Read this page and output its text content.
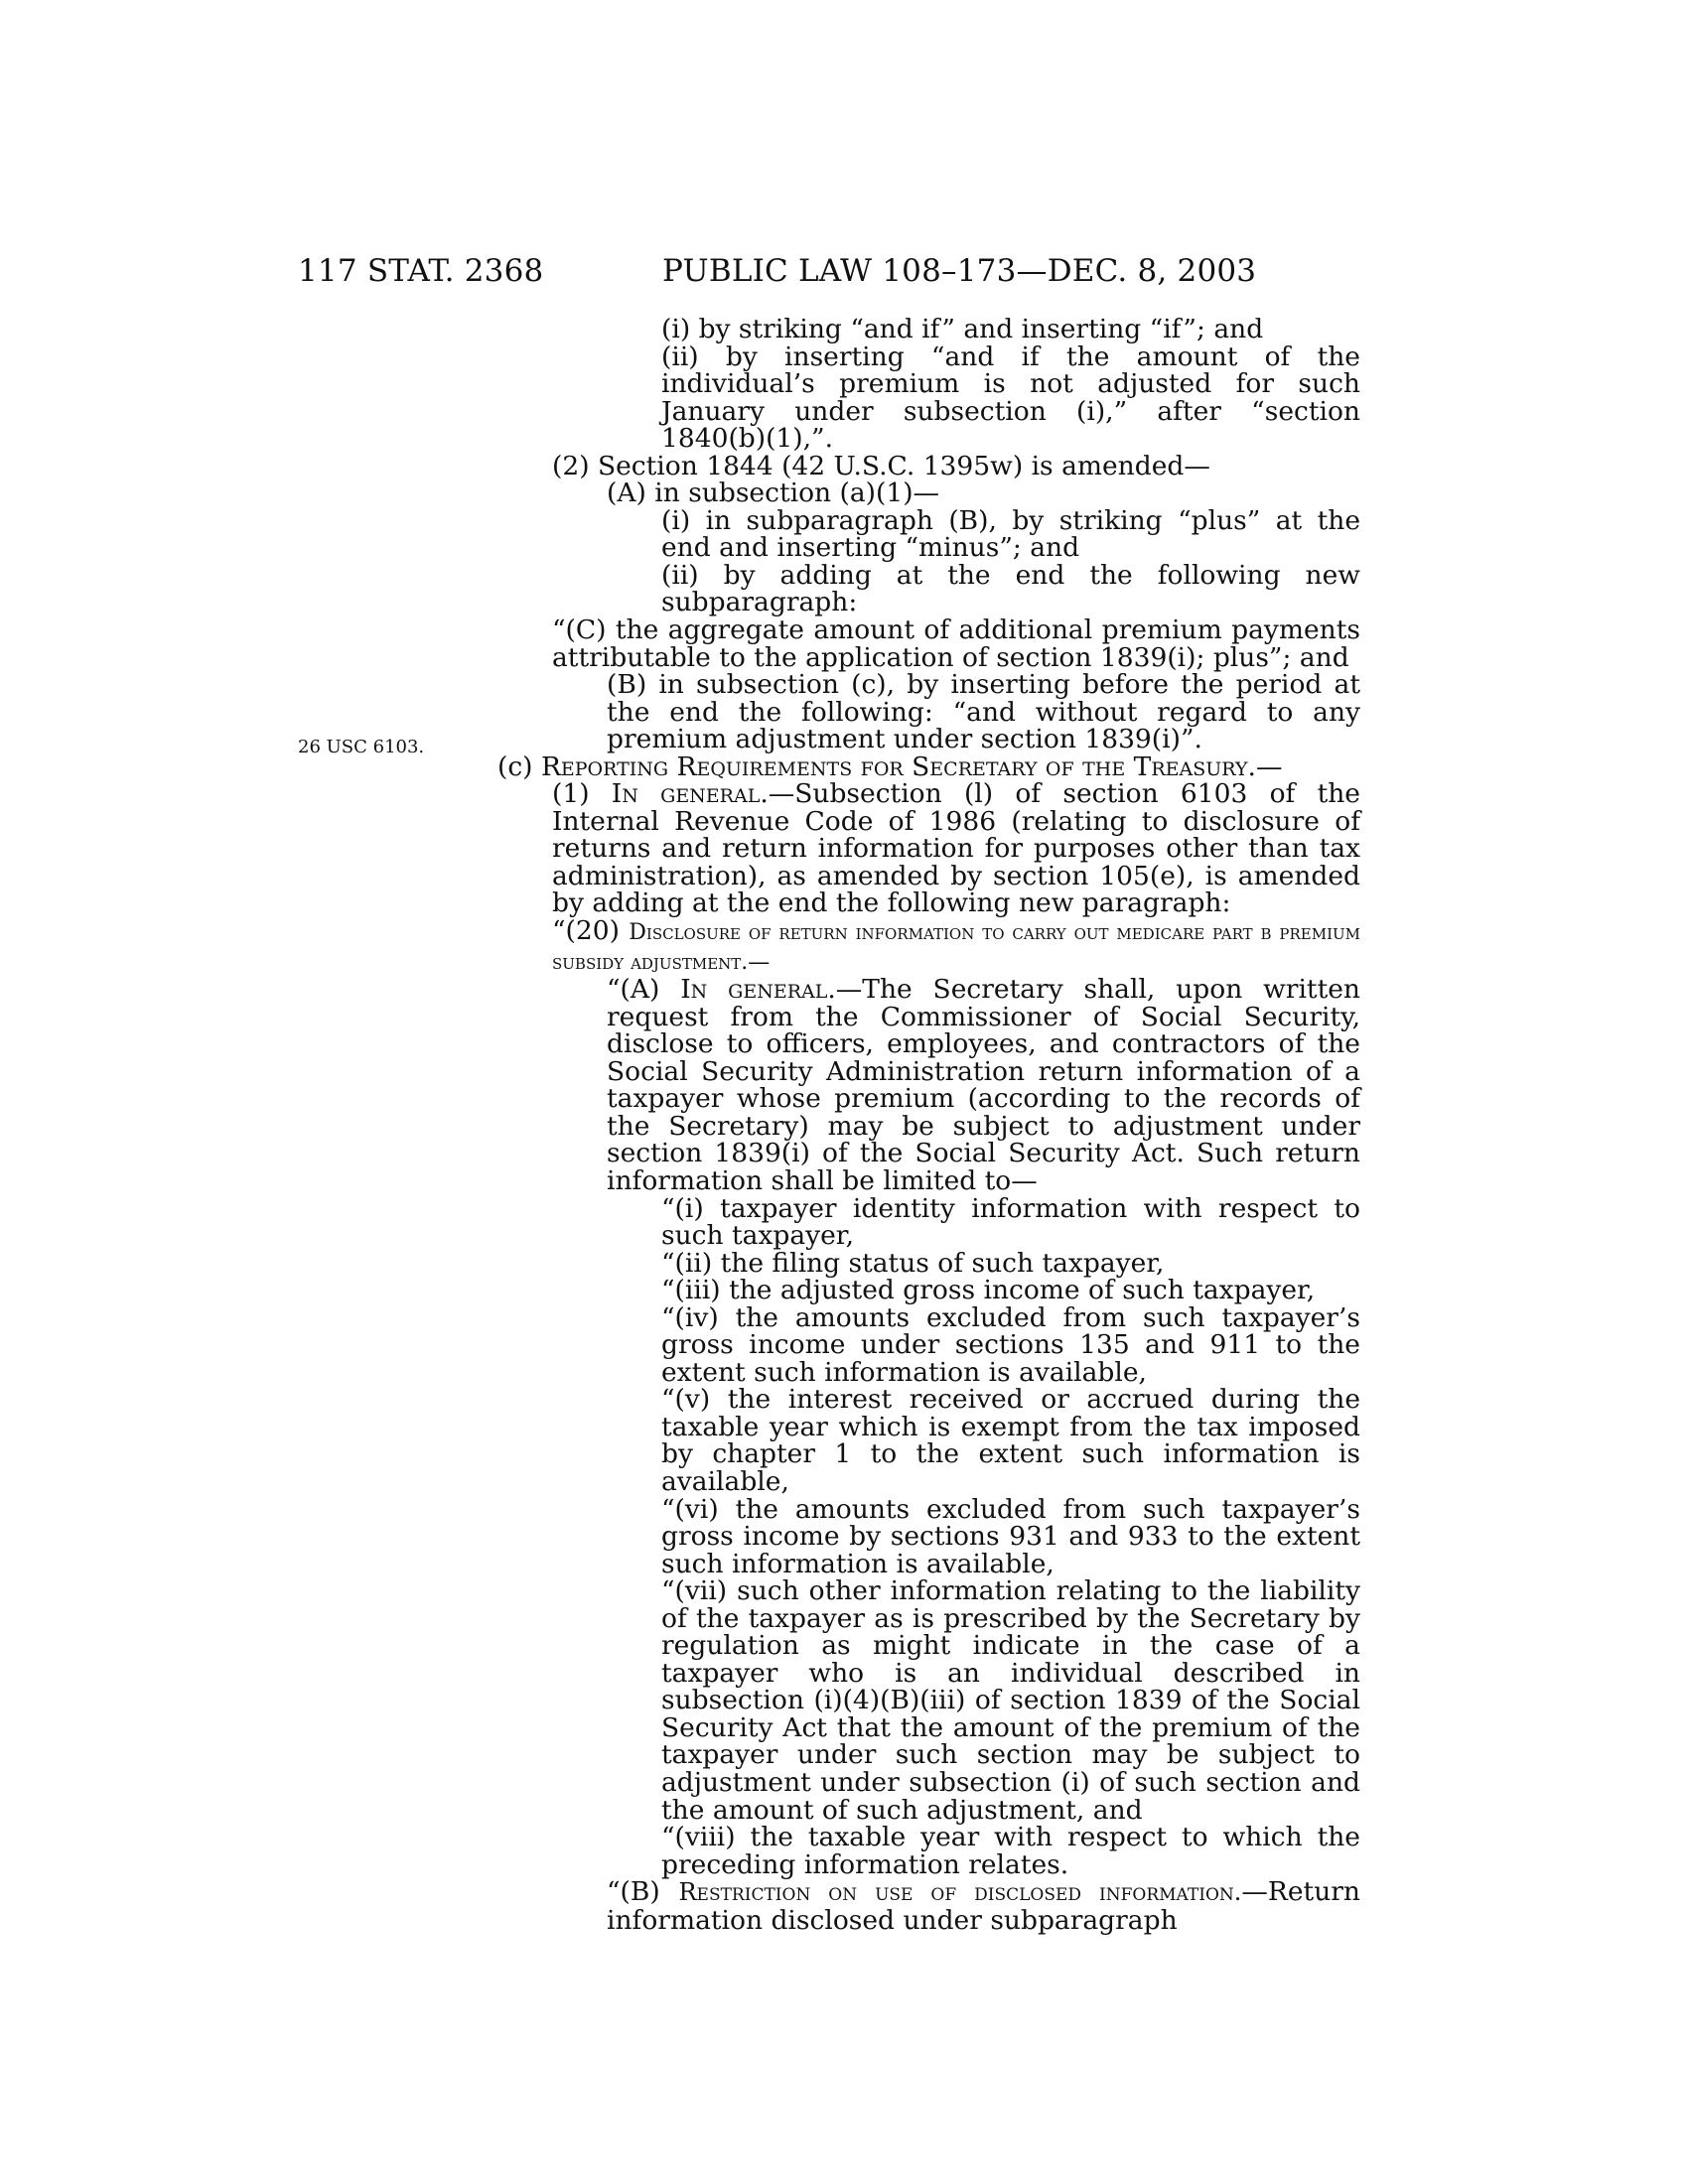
117 STAT. 2368	PUBLIC LAW 108–173—DEC. 8, 2003
26 USC 6103.
(i) by striking “and if” and inserting “if”; and
(ii) by inserting “and if the amount of the individual’s premium is not adjusted for such January under subsection (i),” after “section 1840(b)(1),”.
(2) Section 1844 (42 U.S.C. 1395w) is amended—
(A) in subsection (a)(1)—
(i) in subparagraph (B), by striking “plus” at the end and inserting “minus”; and
(ii) by adding at the end the following new subparagraph:
“(C) the aggregate amount of additional premium payments attributable to the application of section 1839(i); plus”; and
(B) in subsection (c), by inserting before the period at the end the following: “and without regard to any premium adjustment under section 1839(i)”.
(c) Reporting Requirements for Secretary of the Treasury.—
(1) In general.—Subsection (l) of section 6103 of the Internal Revenue Code of 1986 (relating to disclosure of returns and return information for purposes other than tax administration), as amended by section 105(e), is amended by adding at the end the following new paragraph:
“(20) Disclosure of return information to carry out medicare part b premium subsidy adjustment.—
“(A) In general.—The Secretary shall, upon written request from the Commissioner of Social Security, disclose to officers, employees, and contractors of the Social Security Administration return information of a taxpayer whose premium (according to the records of the Secretary) may be subject to adjustment under section 1839(i) of the Social Security Act. Such return information shall be limited to—
“(i) taxpayer identity information with respect to such taxpayer,
“(ii) the filing status of such taxpayer,
“(iii) the adjusted gross income of such taxpayer,
“(iv) the amounts excluded from such taxpayer’s gross income under sections 135 and 911 to the extent such information is available,
“(v) the interest received or accrued during the taxable year which is exempt from the tax imposed by chapter 1 to the extent such information is available,
“(vi) the amounts excluded from such taxpayer’s gross income by sections 931 and 933 to the extent such information is available,
“(vii) such other information relating to the liability of the taxpayer as is prescribed by the Secretary by regulation as might indicate in the case of a taxpayer who is an individual described in subsection (i)(4)(B)(iii) of section 1839 of the Social Security Act that the amount of the premium of the taxpayer under such section may be subject to adjustment under subsection (i) of such section and the amount of such adjustment, and
“(viii) the taxable year with respect to which the preceding information relates.
“(B) Restriction on use of disclosed information.—Return information disclosed under subparagraph
